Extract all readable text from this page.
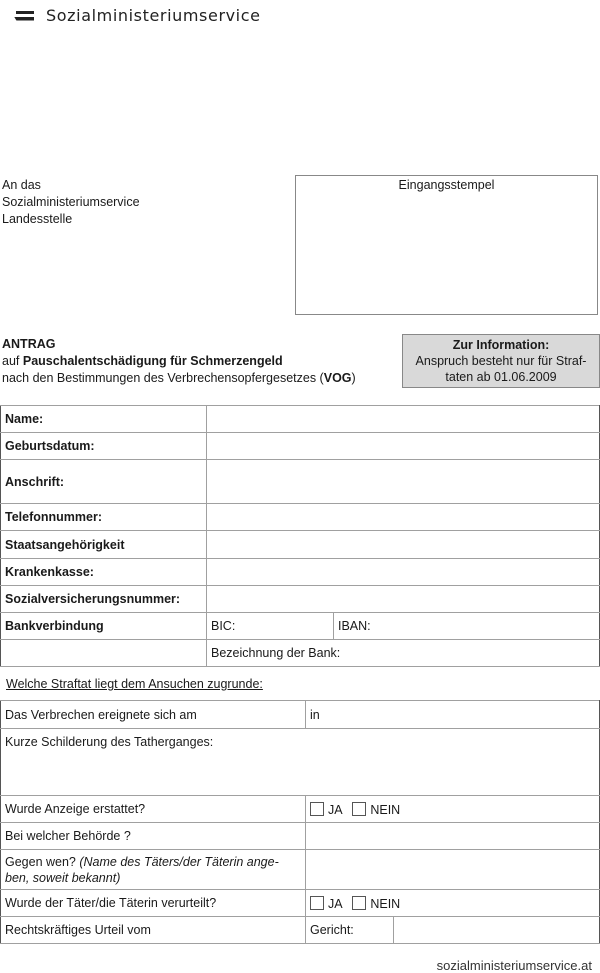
Sozialministeriumservice
An das
Sozialministeriumservice
Landesstelle
Eingangsstempel
ANTRAG
auf Pauschalentschädigung für Schmerzengeld
nach den Bestimmungen des Verbrechensopfergesetzes (VOG)
Zur Information:
Anspruch besteht nur für Straf-
taten ab 01.06.2009
Name:		
Geburtsdatum:		
Anschrift:		
Telefonnummer:		
Staatsangehörigkeit		
Krankenkasse:		
Sozialversicherungsnummer:		
Bankverbindung	BIC:	IBAN:
	Bezeichnung der Bank:	
Welche Straftat liegt dem Ansuchen zugrunde:
Das Verbrechen ereignete sich am	in	
Kurze Schilderung des Tatherganges:		
Wurde Anzeige erstattet?	JA NEIN	
Bei welcher Behörde ?		
Gegen wen? (Name des Täters/der Täterin ange-
ben, soweit bekannt)		
Wurde der Täter/die Täterin verurteilt?	JA NEIN	
Rechtskräftiges Urteil vom	Gericht:	
sozialministeriumservice.at
